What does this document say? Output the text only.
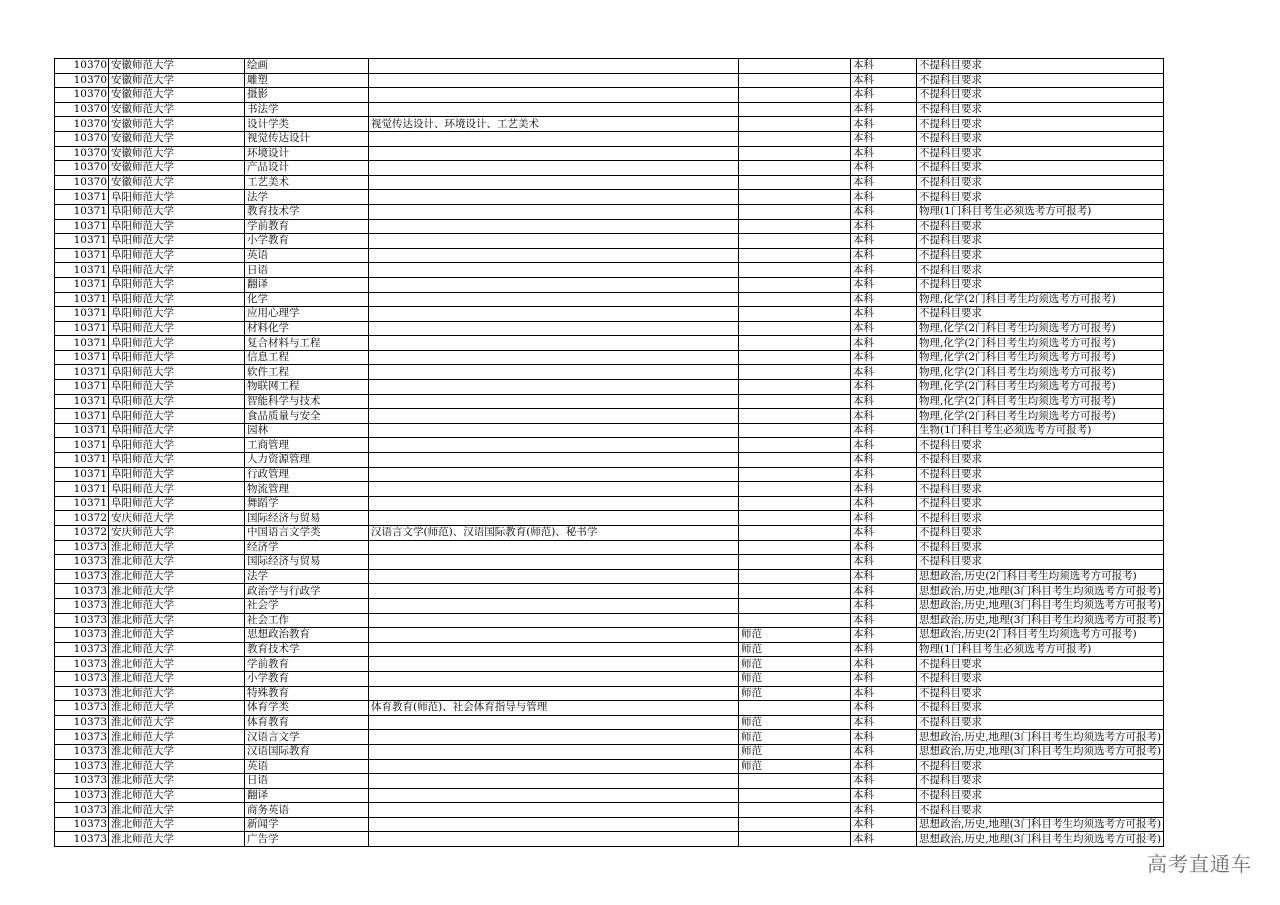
10370	安徽师范大学	绘画			本科	不提科目要求
10370	安徽师范大学	雕塑			本科	不提科目要求
10370	安徽师范大学	摄影			本科	不提科目要求
10370	安徽师范大学	书法学			本科	不提科目要求
10370	安徽师范大学	设计学类	视觉传达设计、环境设计、工艺美术		本科	不提科目要求
10370	安徽师范大学	视觉传达设计			本科	不提科目要求
10370	安徽师范大学	环境设计			本科	不提科目要求
10370	安徽师范大学	产品设计			本科	不提科目要求
10370	安徽师范大学	工艺美术			本科	不提科目要求
10371	阜阳师范大学	法学			本科	不提科目要求
10371	阜阳师范大学	教育技术学			本科	物理(1门科目考生必须选考方可报考)
10371	阜阳师范大学	学前教育			本科	不提科目要求
10371	阜阳师范大学	小学教育			本科	不提科目要求
10371	阜阳师范大学	英语			本科	不提科目要求
10371	阜阳师范大学	日语			本科	不提科目要求
10371	阜阳师范大学	翻译			本科	不提科目要求
10371	阜阳师范大学	化学			本科	物理,化学(2门科目考生均须选考方可报考)
10371	阜阳师范大学	应用心理学			本科	不提科目要求
10371	阜阳师范大学	材料化学			本科	物理,化学(2门科目考生均须选考方可报考)
10371	阜阳师范大学	复合材料与工程			本科	物理,化学(2门科目考生均须选考方可报考)
10371	阜阳师范大学	信息工程			本科	物理,化学(2门科目考生均须选考方可报考)
10371	阜阳师范大学	软件工程			本科	物理,化学(2门科目考生均须选考方可报考)
10371	阜阳师范大学	物联网工程			本科	物理,化学(2门科目考生均须选考方可报考)
10371	阜阳师范大学	智能科学与技术			本科	物理,化学(2门科目考生均须选考方可报考)
10371	阜阳师范大学	食品质量与安全			本科	物理,化学(2门科目考生均须选考方可报考)
10371	阜阳师范大学	园林			本科	生物(1门科目考生必须选考方可报考)
10371	阜阳师范大学	工商管理			本科	不提科目要求
10371	阜阳师范大学	人力资源管理			本科	不提科目要求
10371	阜阳师范大学	行政管理			本科	不提科目要求
10371	阜阳师范大学	物流管理			本科	不提科目要求
10371	阜阳师范大学	舞蹈学			本科	不提科目要求
10372	安庆师范大学	国际经济与贸易			本科	不提科目要求
10372	安庆师范大学	中国语言文学类	汉语言文学(师范)、汉语国际教育(师范)、秘书学		本科	不提科目要求
10373	淮北师范大学	经济学			本科	不提科目要求
10373	淮北师范大学	国际经济与贸易			本科	不提科目要求
10373	淮北师范大学	法学			本科	思想政治,历史(2门科目考生均须选考方可报考)
10373	淮北师范大学	政治学与行政学			本科	思想政治,历史,地理(3门科目考生均须选考方可报考)
10373	淮北师范大学	社会学			本科	思想政治,历史,地理(3门科目考生均须选考方可报考)
10373	淮北师范大学	社会工作			本科	思想政治,历史,地理(3门科目考生均须选考方可报考)
10373	淮北师范大学	思想政治教育		师范	本科	思想政治,历史(2门科目考生均须选考方可报考)
10373	淮北师范大学	教育技术学		师范	本科	物理(1门科目考生必须选考方可报考)
10373	淮北师范大学	学前教育		师范	本科	不提科目要求
10373	淮北师范大学	小学教育		师范	本科	不提科目要求
10373	淮北师范大学	特殊教育		师范	本科	不提科目要求
10373	淮北师范大学	体育学类	体育教育(师范)、社会体育指导与管理		本科	不提科目要求
10373	淮北师范大学	体育教育		师范	本科	不提科目要求
10373	淮北师范大学	汉语言文学		师范	本科	思想政治,历史,地理(3门科目考生均须选考方可报考)
10373	淮北师范大学	汉语国际教育		师范	本科	思想政治,历史,地理(3门科目考生均须选考方可报考)
10373	淮北师范大学	英语		师范	本科	不提科目要求
10373	淮北师范大学	日语			本科	不提科目要求
10373	淮北师范大学	翻译			本科	不提科目要求
10373	淮北师范大学	商务英语			本科	不提科目要求
10373	淮北师范大学	新闻学			本科	思想政治,历史,地理(3门科目考生均须选考方可报考)
10373	淮北师范大学	广告学			本科	思想政治,历史,地理(3门科目考生均须选考方可报考)
高考直通车
